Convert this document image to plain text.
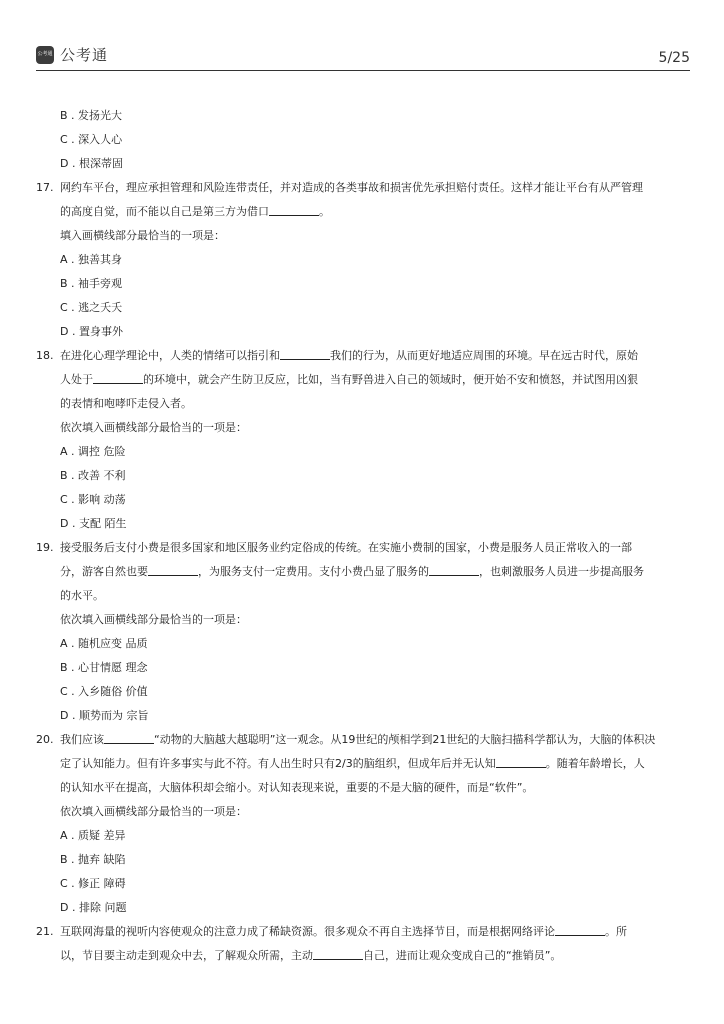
公考通 公考通	5/25
B . 发扬光大
C . 深入人心
D . 根深蒂固
17. 网约车平台，理应承担管理和风险连带责任，并对造成的各类事故和损害优先承担赔付责任。这样才能让平台有从严管理
的高度自觉，而不能以自己是第三方为借口	。
填入画横线部分最恰当的一项是：
A . 独善其身
B . 袖手旁观
C . 逃之夭夭
D . 置身事外
18. 在进化心理学理论中，人类的情绪可以指引和	我们的行为，从而更好地适应周围的环境。早在远古时代，原始
人处于	的环境中，就会产生防卫反应，比如，当有野兽进入自己的领域时，便开始不安和愤怒，并试图用凶狠
的表情和咆哮吓走侵入者。
依次填入画横线部分最恰当的一项是：
A . 调控 危险
B . 改善 不利
C . 影响 动荡
D . 支配 陌生
19. 接受服务后支付小费是很多国家和地区服务业约定俗成的传统。在实施小费制的国家，小费是服务人员正常收入的一部
分，游客自然也要	，为服务支付一定费用。支付小费凸显了服务的	，也刺激服务人员进一步提高服务
的水平。
依次填入画横线部分最恰当的一项是：
A . 随机应变 品质
B . 心甘情愿 理念
C . 入乡随俗 价值
D . 顺势而为 宗旨
20. 我们应该	“动物的大脑越大越聪明”这一观念。从19世纪的颅相学到21世纪的大脑扫描科学都认为，大脑的体积决
定了认知能力。但有许多事实与此不符。有人出生时只有2/3的脑组织，但成年后并无认知	。随着年龄增长，人
的认知水平在提高，大脑体积却会缩小。对认知表现来说，重要的不是大脑的硬件，而是“软件”。
依次填入画横线部分最恰当的一项是：
A . 质疑 差异
B . 抛弃 缺陷
C . 修正 障碍
D . 排除 问题
21. 互联网海量的视听内容使观众的注意力成了稀缺资源。很多观众不再自主选择节目，而是根据网络评论	。所
以，节目要主动走到观众中去，了解观众所需，主动	自己，进而让观众变成自己的“推销员”。
